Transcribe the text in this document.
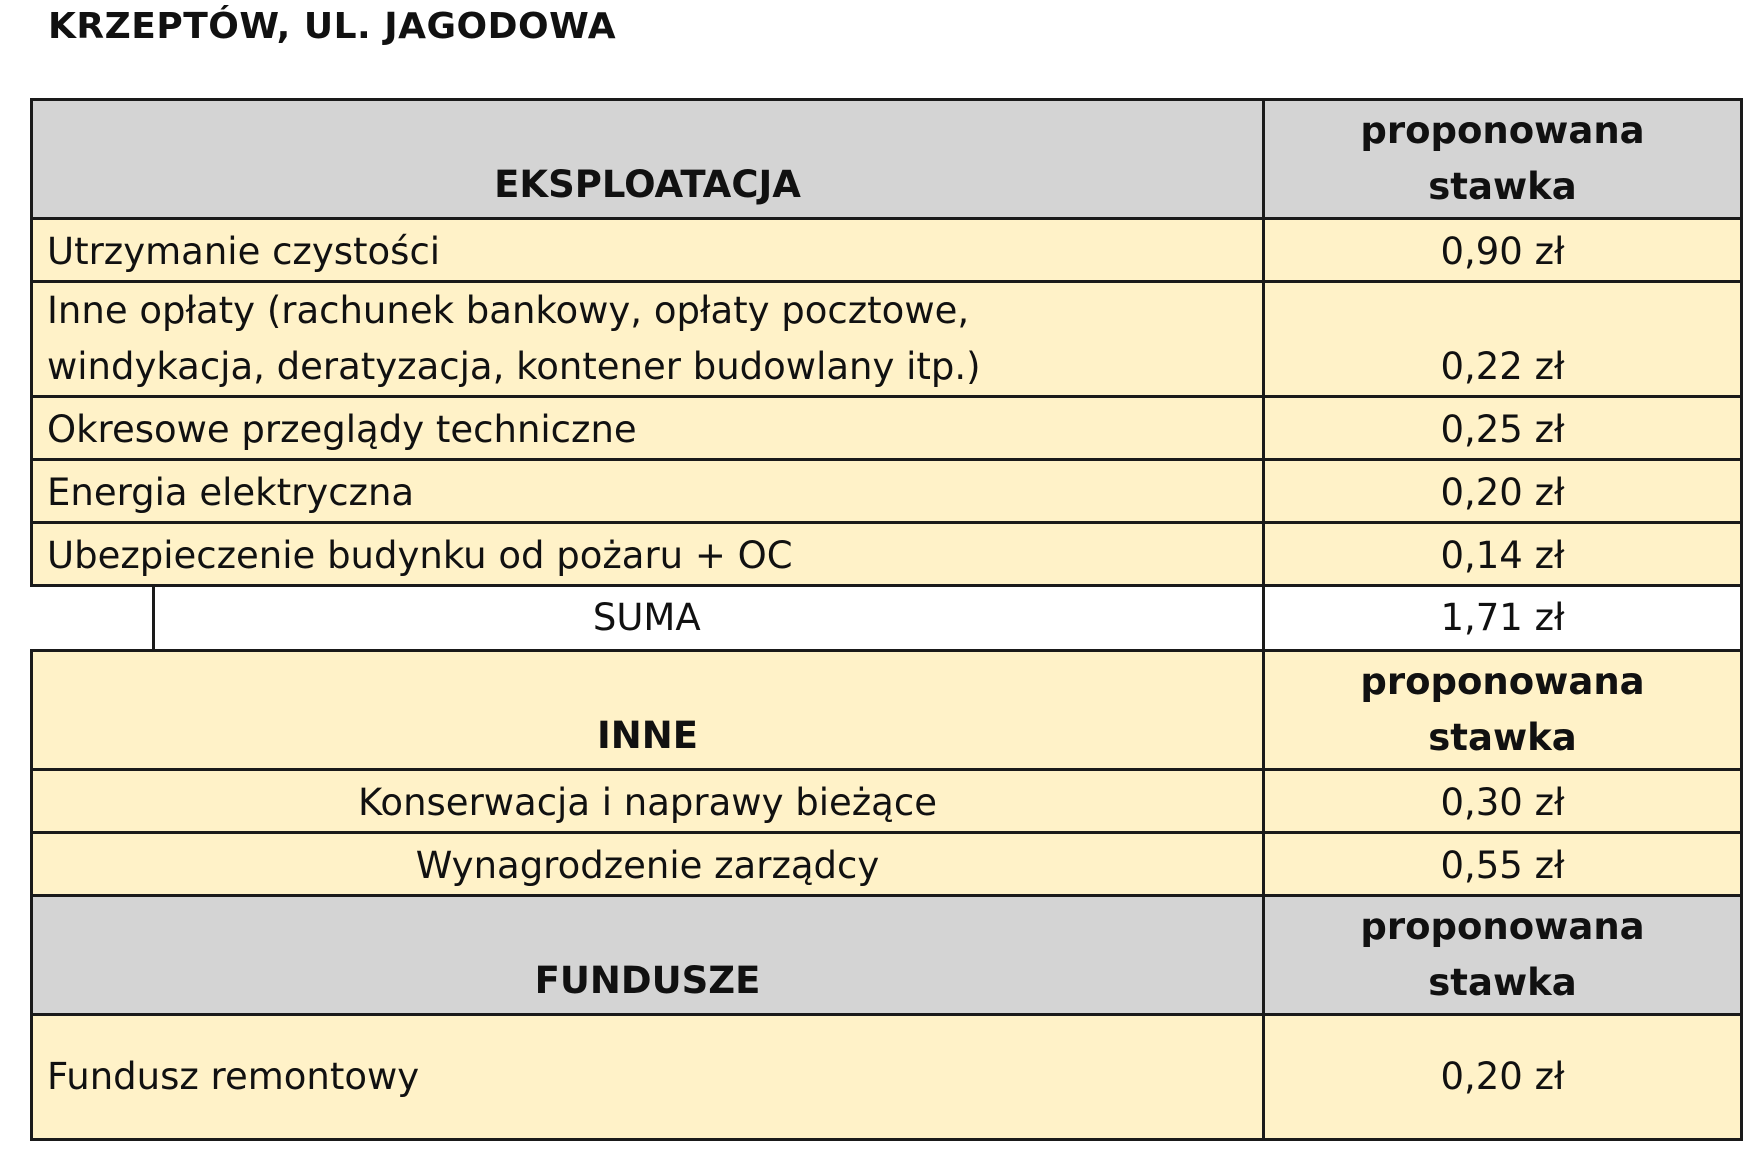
KRZEPTÓW, UL. JAGODOWA
EKSPLOATACJA	proponowana
stawka

Utrzymanie czystości	0,90 zł

Inne opłaty (rachunek bankowy, opłaty pocztowe,
windykacja, deratyzacja, kontener budowlany itp.)	0,22 zł
Okresowe przeglądy techniczne	0,25 zł
Energia elektryczna	0,20 zł
Ubezpieczenie budynku od pożaru + OC	0,14 zł

SUMA	1,71 zł
INNE	proponowana
stawka

Konserwacja i naprawy bieżące	0,30 zł
Wynagrodzenie zarządcy	0,55 zł
FUNDUSZE	proponowana
stawka

Fundusz remontowy	0,20 zł
